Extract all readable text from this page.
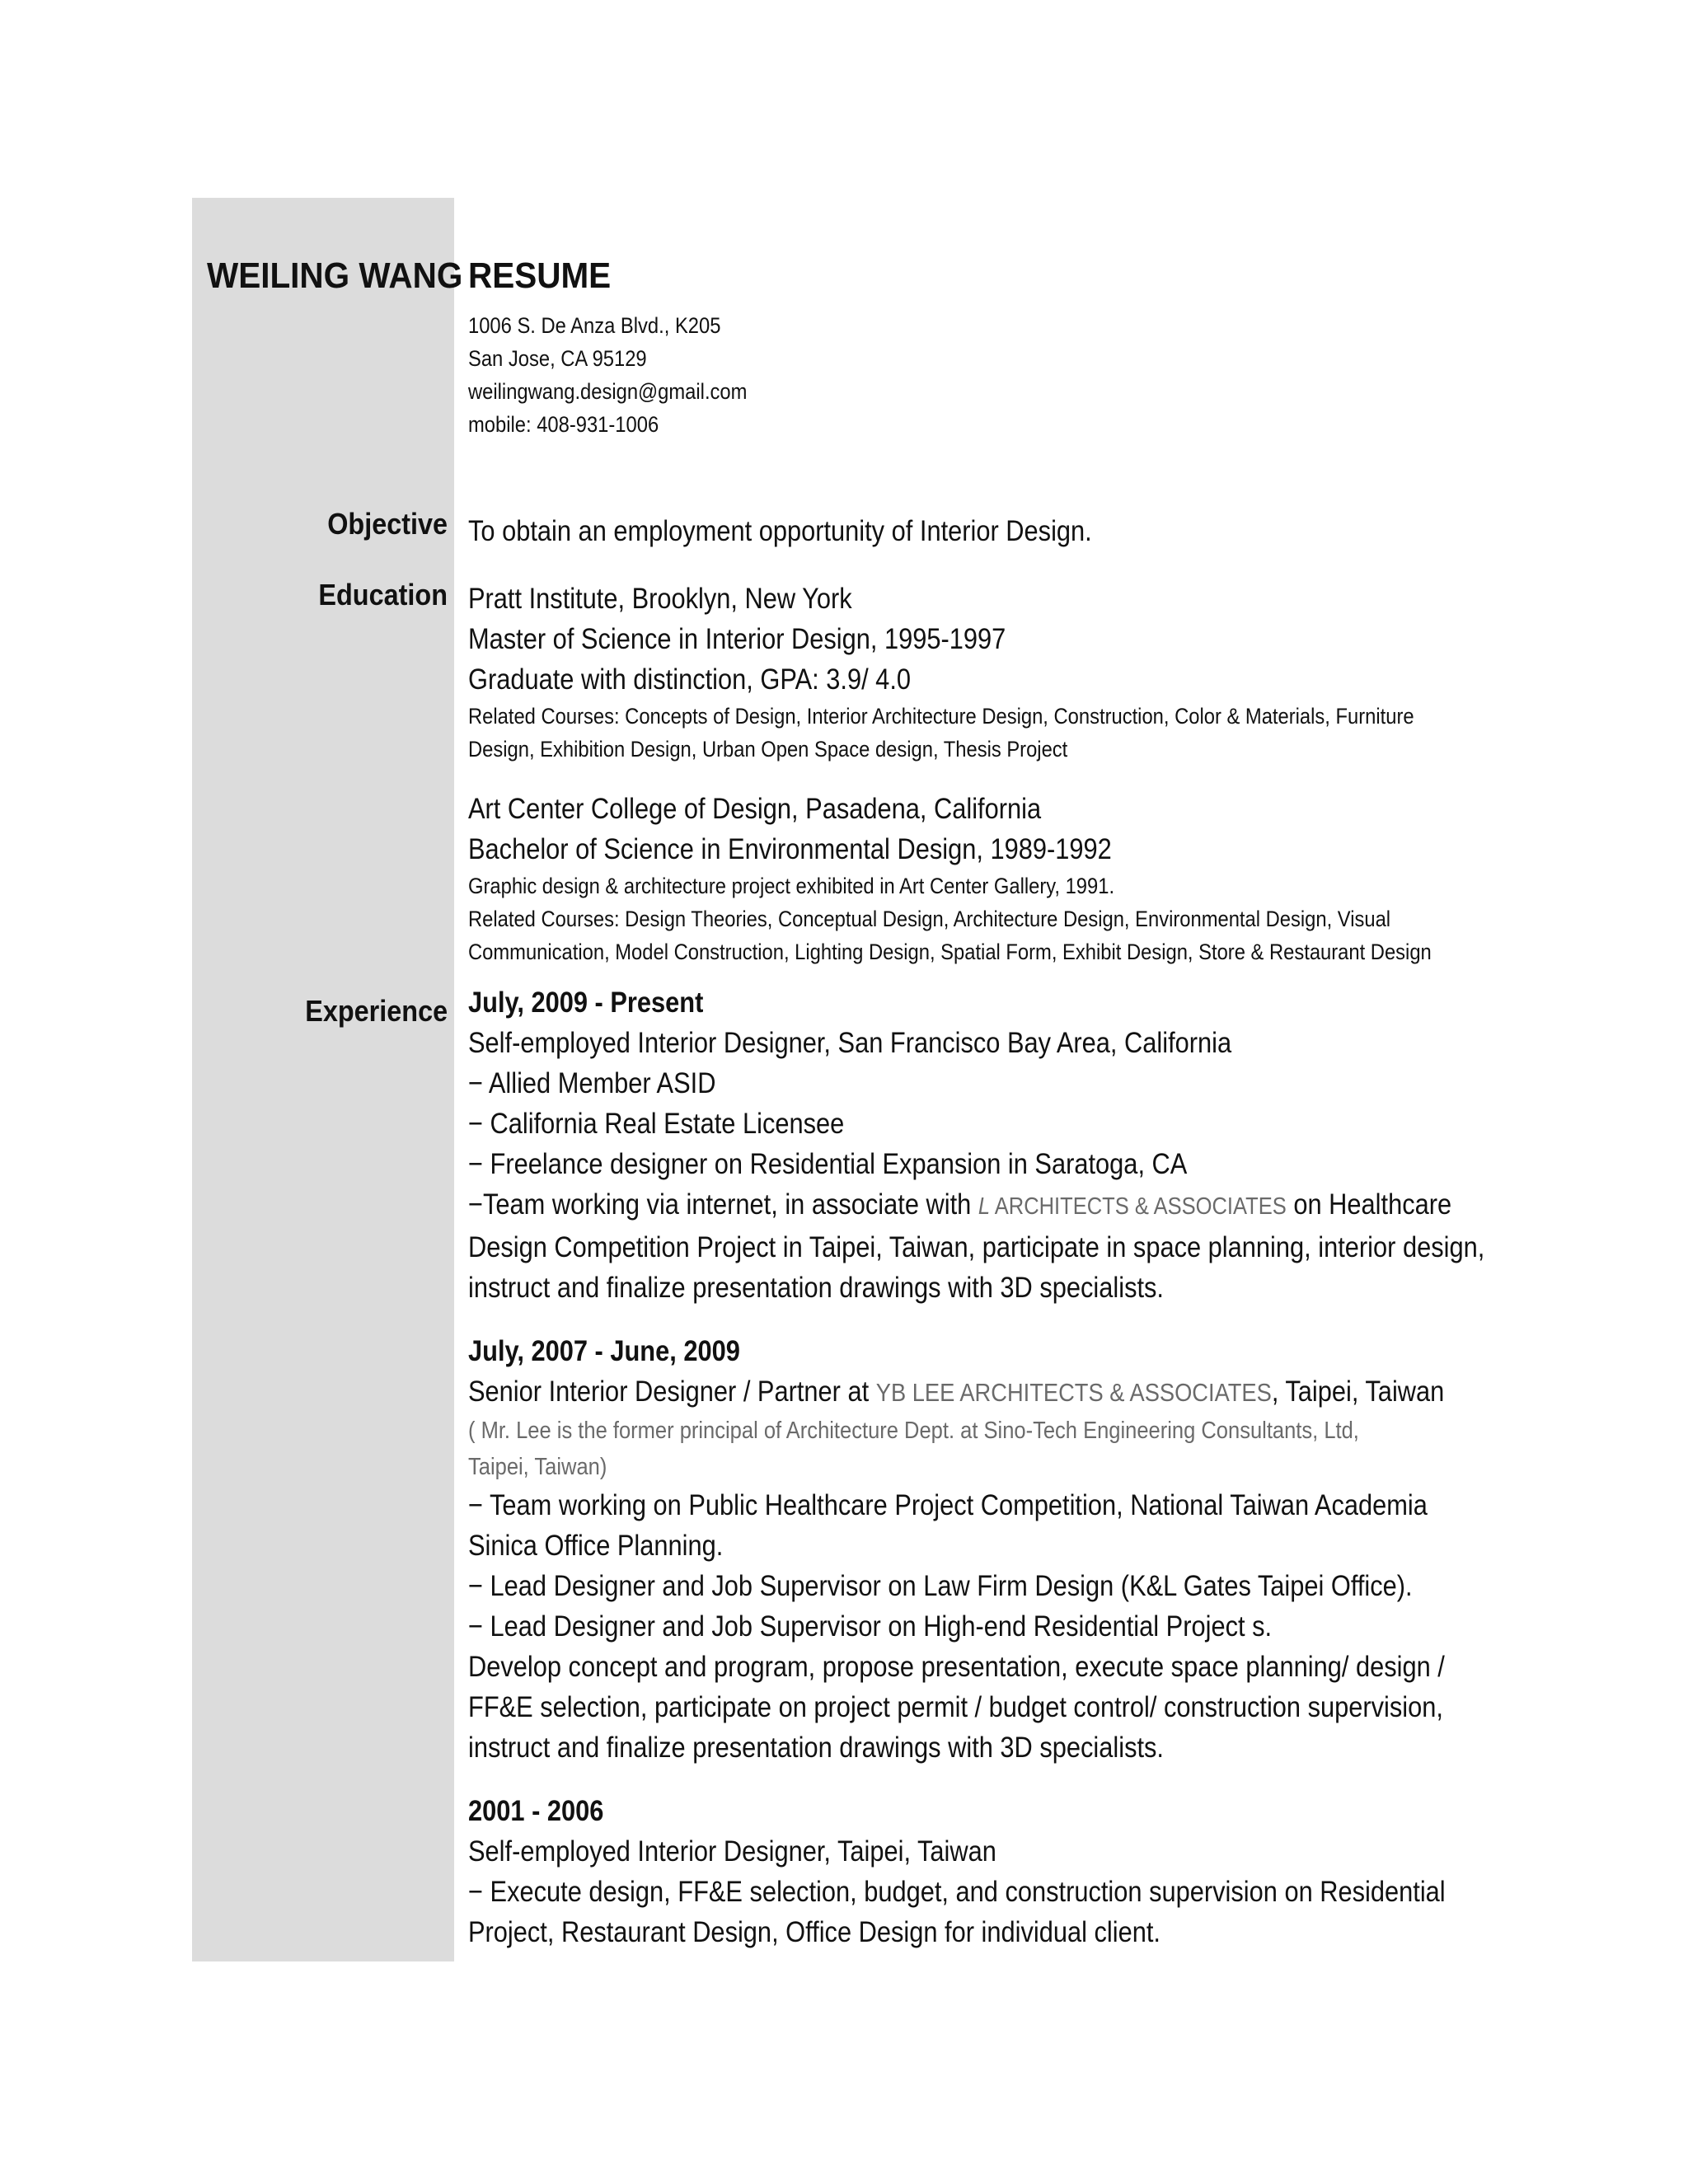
WEILING WANG RESUME
1006 S. De Anza Blvd., K205
San Jose, CA 95129
weilingwang.design@gmail.com
mobile: 408-931-1006
Objective To obtain an employment opportunity of Interior Design.
Education Pratt Institute, Brooklyn, New York
Master of Science in Interior Design, 1995-1997
Graduate with distinction, GPA: 3.9/ 4.0
Related Courses: Concepts of Design, Interior Architecture Design, Construction, Color & Materials, Furniture
Design, Exhibition Design, Urban Open Space design, Thesis Project
Art Center College of Design, Pasadena, California
Bachelor of Science in Environmental Design, 1989-1992
Graphic design & architecture project exhibited in Art Center Gallery, 1991.
Related Courses: Design Theories, Conceptual Design, Architecture Design, Environmental Design, Visual
Communication, Model Construction, Lighting Design, Spatial Form, Exhibit Design, Store & Restaurant Design
Experience July, 2009 - Present
Self-employed Interior Designer, San Francisco Bay Area, California
− Allied Member ASID
− California Real Estate Licensee
− Freelance designer on Residential Expansion in Saratoga, CA
−Team working via internet, in associate with L ARCHITECTS & ASSOCIATES on Healthcare
Design Competition Project in Taipei, Taiwan, participate in space planning, interior design,
instruct and finalize presentation drawings with 3D specialists.
July, 2007 - June, 2009
Senior Interior Designer / Partner at YB LEE ARCHITECTS & ASSOCIATES, Taipei, Taiwan
( Mr. Lee is the former principal of Architecture Dept. at Sino-Tech Engineering Consultants, Ltd,
Taipei, Taiwan)
− Team working on Public Healthcare Project Competition, National Taiwan Academia
Sinica Office Planning.
− Lead Designer and Job Supervisor on Law Firm Design (K&L Gates Taipei Office).
− Lead Designer and Job Supervisor on High-end Residential Project s.
Develop concept and program, propose presentation, execute space planning/ design /
FF&E selection, participate on project permit / budget control/ construction supervision,
instruct and finalize presentation drawings with 3D specialists.
2001 - 2006
Self-employed Interior Designer, Taipei, Taiwan
− Execute design, FF&E selection, budget, and construction supervision on Residential
Project, Restaurant Design, Office Design for individual client.
